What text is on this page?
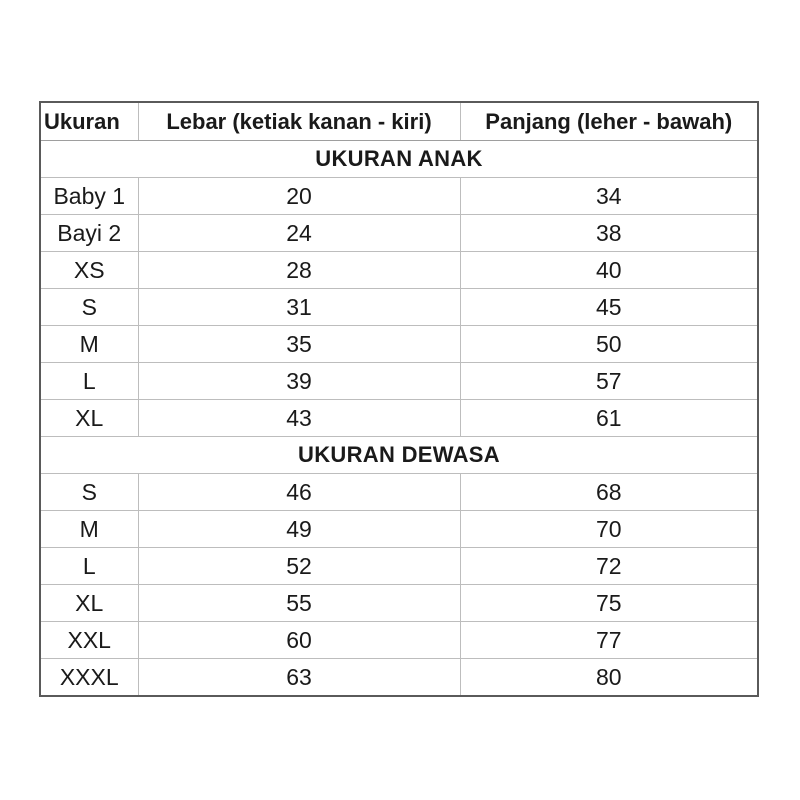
Ukuran	Lebar (ketiak kanan - kiri)	Panjang (leher - bawah)
UKURAN ANAK		
Baby 1	20	34
Bayi 2	24	38
XS	28	40
S	31	45
M	35	50
L	39	57
XL	43	61
UKURAN DEWASA		
S	46	68
M	49	70
L	52	72
XL	55	75
XXL	60	77
XXXL	63	80
